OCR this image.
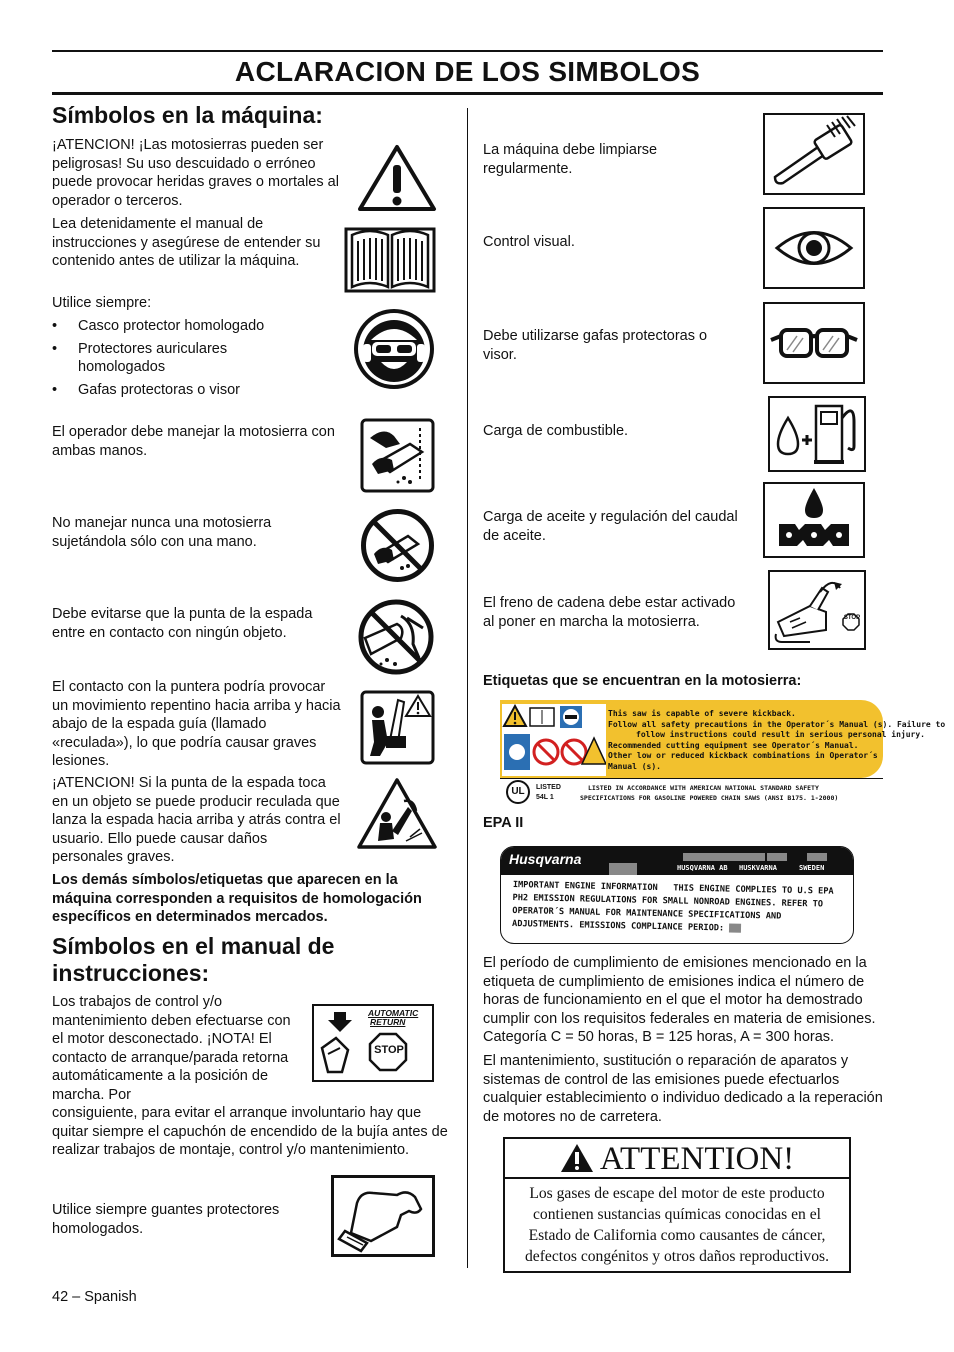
ACLARACION DE LOS SIMBOLOS
Símbolos en la máquina:

¡ATENCION! ¡Las motosierras pueden ser peligrosas! Su uso descuidado o erróneo puede provocar heridas graves o mortales al operador o terceros.

Lea detenidamente el manual de instrucciones y asegúrese de entender su contenido antes de utilizar la máquina.

Utilice siempre:

• Casco protector homologado
• Protectores auriculares homologados
• Gafas protectoras o visor

El operador debe manejar la motosierra con ambas manos.

No manejar nunca una motosierra sujetándola sólo con una mano.

Debe evitarse que la punta de la espada entre en contacto con ningún objeto.

El contacto con la puntera podría provocar un movimiento repentino hacia arriba y hacia abajo de la espada guía (llamado «reculada»), lo que podría causar graves lesiones.

¡ATENCION! Si la punta de la espada toca en un objeto se puede producir reculada que lanza la espada hacia arriba y atrás contra el usuario. Ello puede causar daños personales graves.

Los demás símbolos/etiquetas que aparecen en la máquina corresponden a requisitos de homologación específicos en determinados mercados.

Símbolos en el manual de instrucciones:

Los trabajos de control y/o mantenimiento deben efectuarse con el motor desconectado. ¡NOTA! El contacto de arranque/parada retorna automáticamente a la posición de marcha. Por

AUTOMATIC
RETURN
STOP

consiguiente, para evitar el arranque involuntario hay que quitar siempre el capuchón de encendido de la bujía antes de realizar trabajos de montaje, control y/o mantenimiento.

Utilice siempre guantes protectores homologados.

42 – Spanish

La máquina debe limpiarse regularmente.

Control visual.

Debe utilizarse gafas protectoras o visor.

Carga de combustible.

Carga de aceite y regulación del caudal de aceite.

El freno de cadena debe estar activado al poner en marcha la motosierra.	STOP

Etiquetas que se encuentran en la motosierra:

This saw is capable of severe kickback.
Follow all safety precautions in the Operator´s Manual (s). Failure to
follow instructions could result in serious personal injury.
Recommended cutting equipment see Operator´s Manual.
Other low or reduced kickback combinations in Operator´s
Manual (s).
UL	LISTED
54L 1
LISTED IN ACCORDANCE WITH AMERICAN NATIONAL STANDARD SAFETY
SPECIFICATIONS FOR GASOLINE POWERED CHAIN SAWS (ANSI B175. 1-2000)

EPA II

Husqvarna
HUSQVARNA AB HUSKVARNA	SWEDEN
IMPORTANT ENGINE INFORMATION THIS ENGINE COMPLIES TO U.S EPA
PH2 EMISSION REGULATIONS FOR SMALL NONROAD ENGINES. REFER TO
OPERATOR´S MANUAL FOR MAINTENANCE SPECIFICATIONS AND
ADJUSTMENTS. EMISSIONS COMPLIANCE PERIOD:

El período de cumplimiento de emisiones mencionado en la etiqueta de cumplimiento de emisiones indica el número de horas de funcionamiento en el que el motor ha demostrado cumplir con los requisitos federales en materia de emisiones. Categoría C = 50 horas, B = 125 horas, A = 300 horas.

El mantenimiento, sustitución o reparación de aparatos y sistemas de control de las emisiones puede efectuarlos cualquier establecimiento o individuo dedicado a la reperación de motores no de carretera.

ATTENTION!
Los gases de escape del motor de este producto contienen sustancias químicas conocidas en el Estado de California como causantes de cáncer, defectos congénitos y otros daños reproductivos.
